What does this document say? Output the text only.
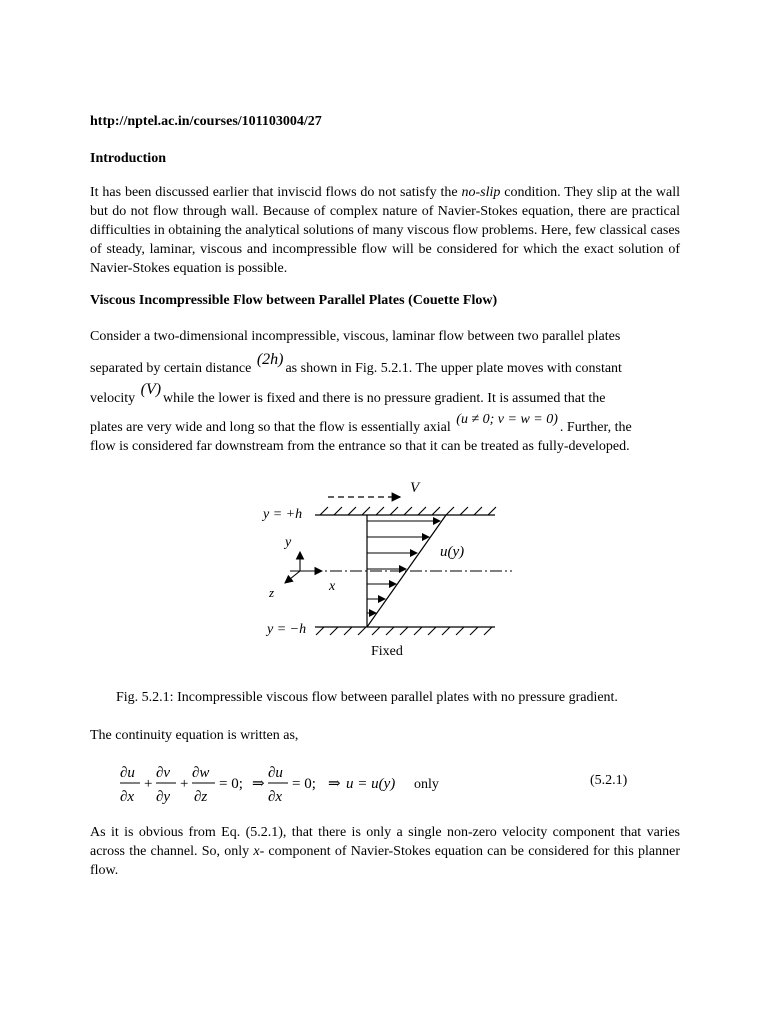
http://nptel.ac.in/courses/101103004/27
Introduction
It has been discussed earlier that inviscid flows do not satisfy the no-slip condition. They slip at the wall but do not flow through wall. Because of complex nature of Navier-Stokes equation, there are practical difficulties in obtaining the analytical solutions of many viscous flow problems. Here, few classical cases of steady, laminar, viscous and incompressible flow will be considered for which the exact solution of Navier-Stokes equation is possible.
Viscous Incompressible Flow between Parallel Plates (Couette Flow)
Consider a two-dimensional incompressible, viscous, laminar flow between two parallel plates
separated by certain distance (2h)as shown in Fig. 5.2.1. The upper plate moves with constant
velocity (V)while the lower is fixed and there is no pressure gradient. It is assumed that the
plates are very wide and long so that the flow is essentially axial (u ≠ 0; v = w = 0). Further, the
flow is considered far downstream from the entrance so that it can be treated as fully-developed.
V
y = +h
y = −h
u(y)
y
x
z
Fixed
Fig. 5.2.1: Incompressible viscous flow between parallel plates with no pressure gradient.
The continuity equation is written as,
∂u
∂x
+
∂v
∂y
+
∂w
∂z
= 0; ⇒
∂u
∂x
= 0; ⇒ u = u(y) only	(5.2.1)
As it is obvious from Eq. (5.2.1), that there is only a single non-zero velocity component that varies across the channel. So, only x- component of Navier-Stokes equation can be considered for this planner flow.
